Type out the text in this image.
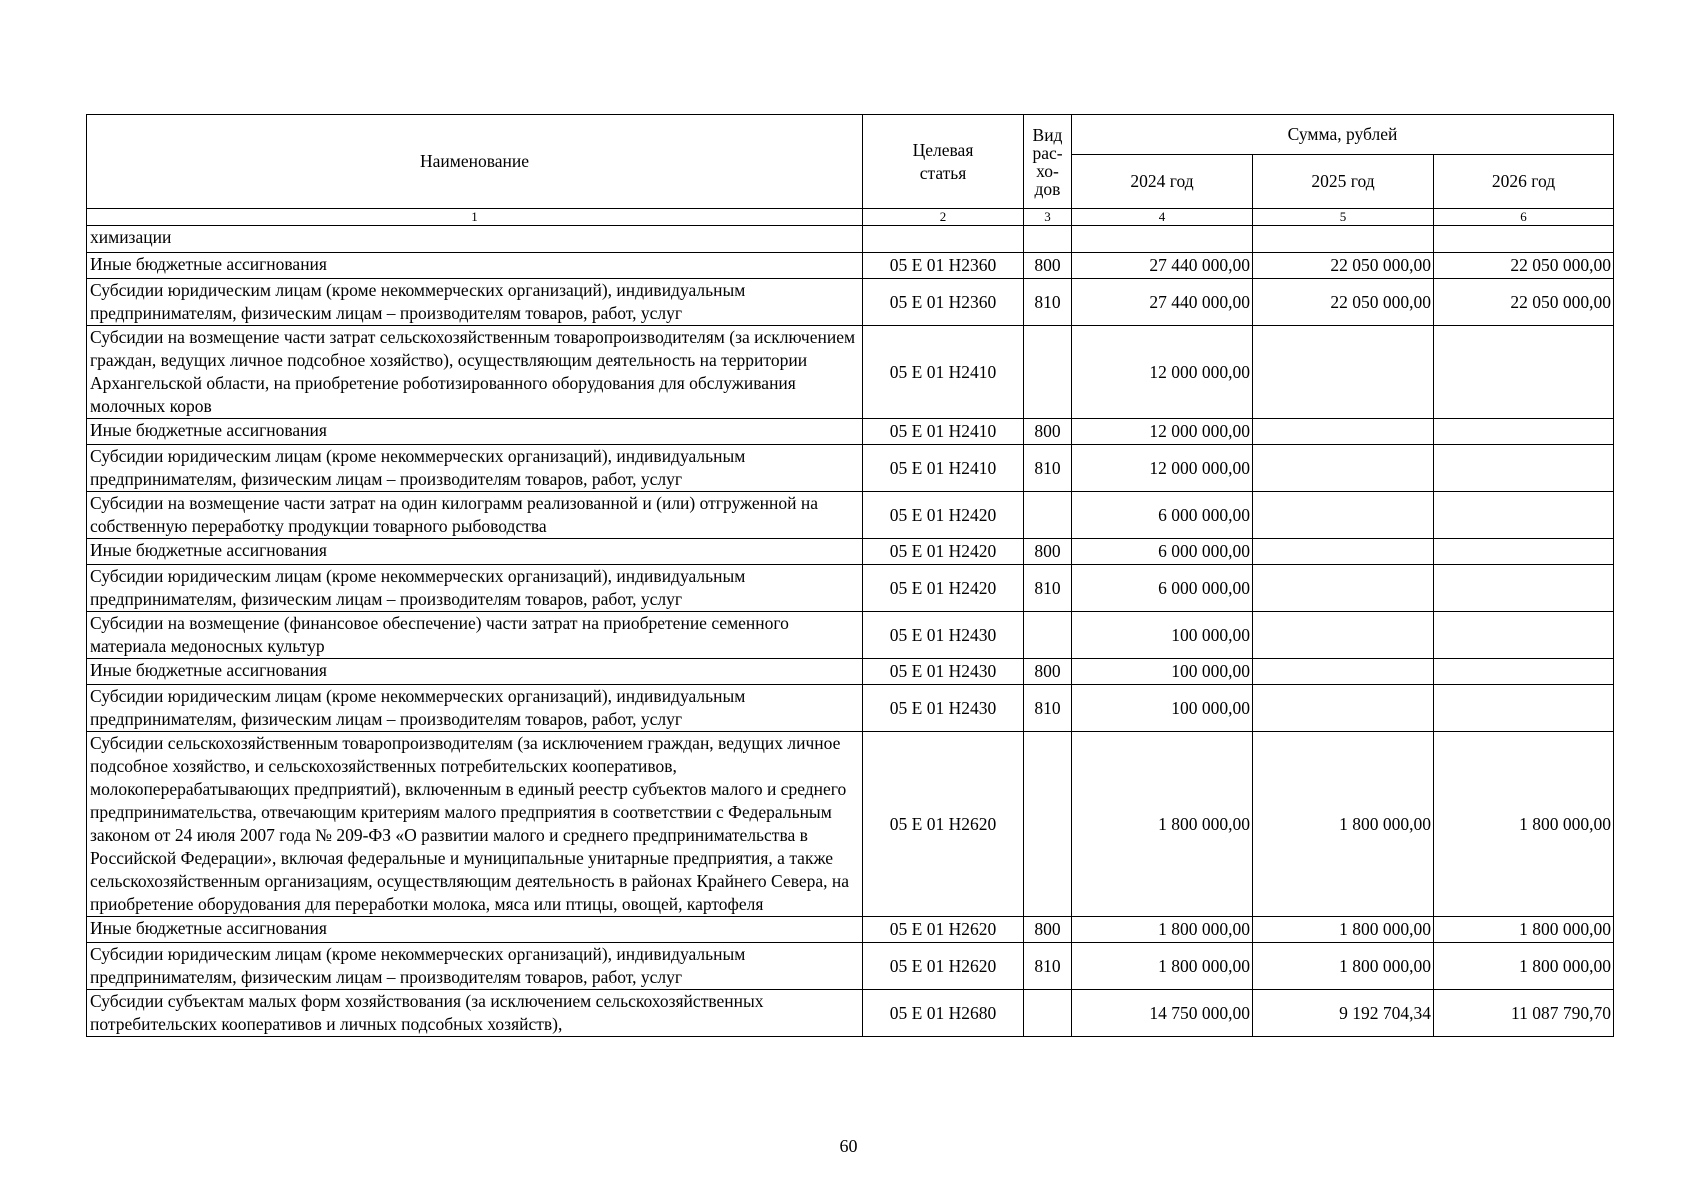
Наименование	Целевая статья	Вид рас-хо-дов	Сумма, рублей		
			2024 год	2025 год	2026 год
1	2	3	4	5	6
химизации					
Иные бюджетные ассигнования	05 Е 01 Н2360	800	27 440 000,00	22 050 000,00	22 050 000,00
Субсидии юридическим лицам (кроме некоммерческих организаций), индивидуальным предпринимателям, физическим лицам – производителям товаров, работ, услуг	05 Е 01 Н2360	810	27 440 000,00	22 050 000,00	22 050 000,00
Субсидии на возмещение части затрат сельскохозяйственным товаропроизводителям (за исключением граждан, ведущих личное подсобное хозяйство), осуществляющим деятельность на территории Архангельской области, на приобретение роботизированного оборудования для обслуживания молочных коров	05 Е 01 Н2410		12 000 000,00		
Иные бюджетные ассигнования	05 Е 01 Н2410	800	12 000 000,00		
Субсидии юридическим лицам (кроме некоммерческих организаций), индивидуальным предпринимателям, физическим лицам – производителям товаров, работ, услуг	05 Е 01 Н2410	810	12 000 000,00		
Субсидии на возмещение части затрат на один килограмм реализованной и (или) отгруженной на собственную переработку продукции товарного рыбоводства	05 Е 01 Н2420		6 000 000,00		
Иные бюджетные ассигнования	05 Е 01 Н2420	800	6 000 000,00		
Субсидии юридическим лицам (кроме некоммерческих организаций), индивидуальным предпринимателям, физическим лицам – производителям товаров, работ, услуг	05 Е 01 Н2420	810	6 000 000,00		
Субсидии на возмещение (финансовое обеспечение) части затрат на приобретение семенного материала медоносных культур	05 Е 01 Н2430		100 000,00		
Иные бюджетные ассигнования	05 Е 01 Н2430	800	100 000,00		
Субсидии юридическим лицам (кроме некоммерческих организаций), индивидуальным предпринимателям, физическим лицам – производителям товаров, работ, услуг	05 Е 01 Н2430	810	100 000,00		
Субсидии сельскохозяйственным товаропроизводителям (за исключением граждан, ведущих личное подсобное хозяйство, и сельскохозяйственных потребительских кооперативов, молокоперерабатывающих предприятий), включенным в единый реестр субъектов малого и среднего предпринимательства, отвечающим критериям малого предприятия в соответствии с Федеральным законом от 24 июля 2007 года № 209-ФЗ «О развитии малого и среднего предпринимательства в Российской Федерации», включая федеральные и муниципальные унитарные предприятия, а также сельскохозяйственным организациям, осуществляющим деятельность в районах Крайнего Севера, на приобретение оборудования для переработки молока, мяса или птицы, овощей, картофеля	05 Е 01 Н2620		1 800 000,00	1 800 000,00	1 800 000,00
Иные бюджетные ассигнования	05 Е 01 Н2620	800	1 800 000,00	1 800 000,00	1 800 000,00
Субсидии юридическим лицам (кроме некоммерческих организаций), индивидуальным предпринимателям, физическим лицам – производителям товаров, работ, услуг	05 Е 01 Н2620	810	1 800 000,00	1 800 000,00	1 800 000,00
Субсидии субъектам малых форм хозяйствования (за исключением сельскохозяйственных потребительских кооперативов и личных подсобных хозяйств),	05 Е 01 Н2680		14 750 000,00	9 192 704,34	11 087 790,70
60
